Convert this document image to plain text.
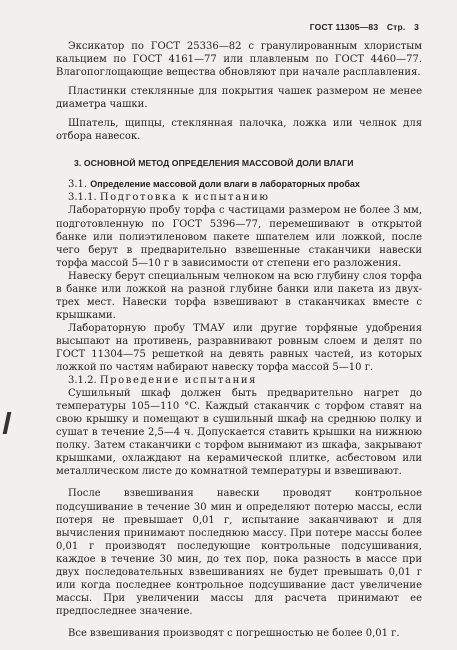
ГОСТ 11305—83 Стр. 3

Эксикатор по ГОСТ 25336—82 с гранулированным хлористым кальцием по ГОСТ 4161—77 или плавленым по ГОСТ 4460—77. Влагопоглощающие вещества обновляют при начале расплавления.

Пластинки стеклянные для покрытия чашек размером не менее диаметра чашки.

Шпатель, щипцы, стеклянная палочка, ложка или челнок для отбора навесок.

3. ОСНОВНОЙ МЕТОД ОПРЕДЕЛЕНИЯ МАССОВОЙ ДОЛИ ВЛАГИ

3.1. Определение массовой доли влаги в лабораторных пробах

3.1.1. Подготовка к испытанию

Лабораторную пробу торфа с частицами размером не более 3 мм, подготовленную по ГОСТ 5396—77, перемешивают в открытой банке или полиэтиленовом пакете шпателем или ложкой, после чего берут в предварительно взвешенные стаканчики навески торфа массой 5—10 г в зависимости от степени его разложения.

Навеску берут специальным челноком на всю глубину слоя торфа в банке или ложкой на разной глубине банки или пакета из двух-трех мест. Навески торфа взвешивают в стаканчиках вместе с крышками.

Лабораторную пробу ТМАУ или другие торфяные удобрения высыпают на противень, разравнивают ровным слоем и делят по ГОСТ 11304—75 решеткой на девять равных частей, из которых ложкой по частям набирают навеску торфа массой 5—10 г.

3.1.2. Проведение испытания

Сушильный шкаф должен быть предварительно нагрет до температуры 105—110 °С. Каждый стаканчик с торфом ставят на свою крышку и помещают в сушильный шкаф на среднюю полку и сушат в течение 2,5—4 ч. Допускается ставить крышки на нижнюю полку. Затем стаканчики с торфом вынимают из шкафа, закрывают крышками, охлаждают на керамической плитке, асбестовом или металлическом листе до комнатной температуры и взвешивают.

После взвешивания навески проводят контрольное подсушивание в течение 30 мин и определяют потерю массы, если потеря не превышает 0,01 г, испытание заканчивают и для вычисления принимают последнюю массу. При потере массы более 0,01 г производят последующие контрольные подсушивания, каждое в течение 30 мин, до тех пор, пока разность в массе при двух последовательных взвешиваниях не будет превышать 0,01 г или когда последнее контрольное подсушивание даст увеличение массы. При увеличении массы для расчета принимают ее предпоследнее значение.

Все взвешивания производят с погрешностью не более 0,01 г.
